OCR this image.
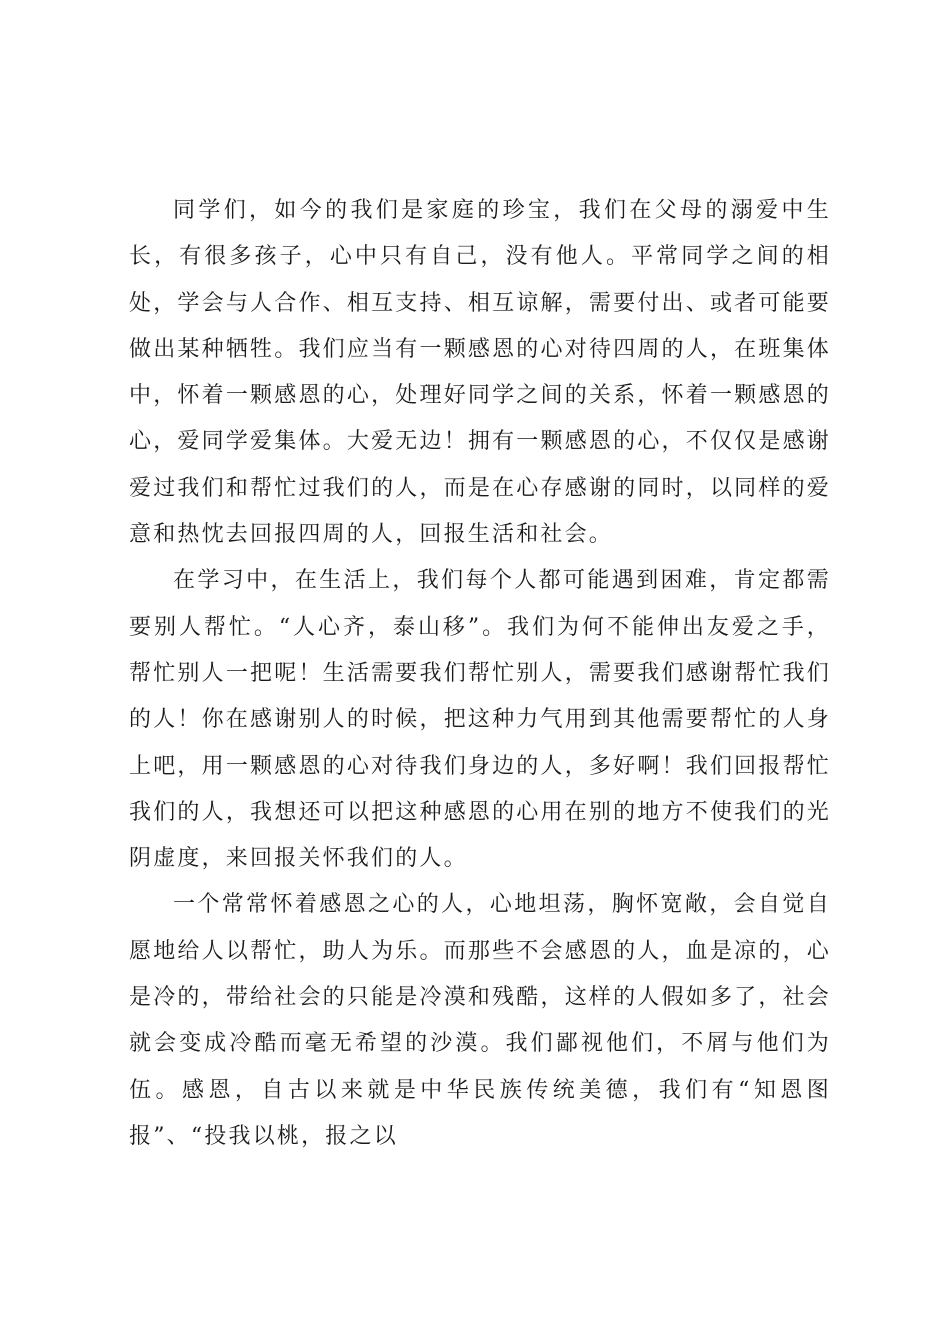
同学们，如今的我们是家庭的珍宝，我们在父母的溺爱中生长，有很多孩子，心中只有自己，没有他人。平常同学之间的相处，学会与人合作、相互支持、相互谅解，需要付出、或者可能要做出某种牺牲。我们应当有一颗感恩的心对待四周的人，在班集体中，怀着一颗感恩的心，处理好同学之间的关系，怀着一颗感恩的心，爱同学爱集体。大爱无边！拥有一颗感恩的心，不仅仅是感谢爱过我们和帮忙过我们的人，而是在心存感谢的同时，以同样的爱意和热忱去回报四周的人，回报生活和社会。

在学习中，在生活上，我们每个人都可能遇到困难，肯定都需要别人帮忙。“人心齐，泰山移”。我们为何不能伸出友爱之手，帮忙别人一把呢！生活需要我们帮忙别人，需要我们感谢帮忙我们的人！你在感谢别人的时候，把这种力气用到其他需要帮忙的人身上吧，用一颗感恩的心对待我们身边的人，多好啊！我们回报帮忙我们的人，我想还可以把这种感恩的心用在别的地方不使我们的光阴虚度，来回报关怀我们的人。

一个常常怀着感恩之心的人，心地坦荡，胸怀宽敞，会自觉自愿地给人以帮忙，助人为乐。而那些不会感恩的人，血是凉的，心是冷的，带给社会的只能是冷漠和残酷，这样的人假如多了，社会就会变成冷酷而毫无希望的沙漠。我们鄙视他们，不屑与他们为伍。感恩，自古以来就是中华民族传统美德，我们有“知恩图报”、“投我以桃，报之以
